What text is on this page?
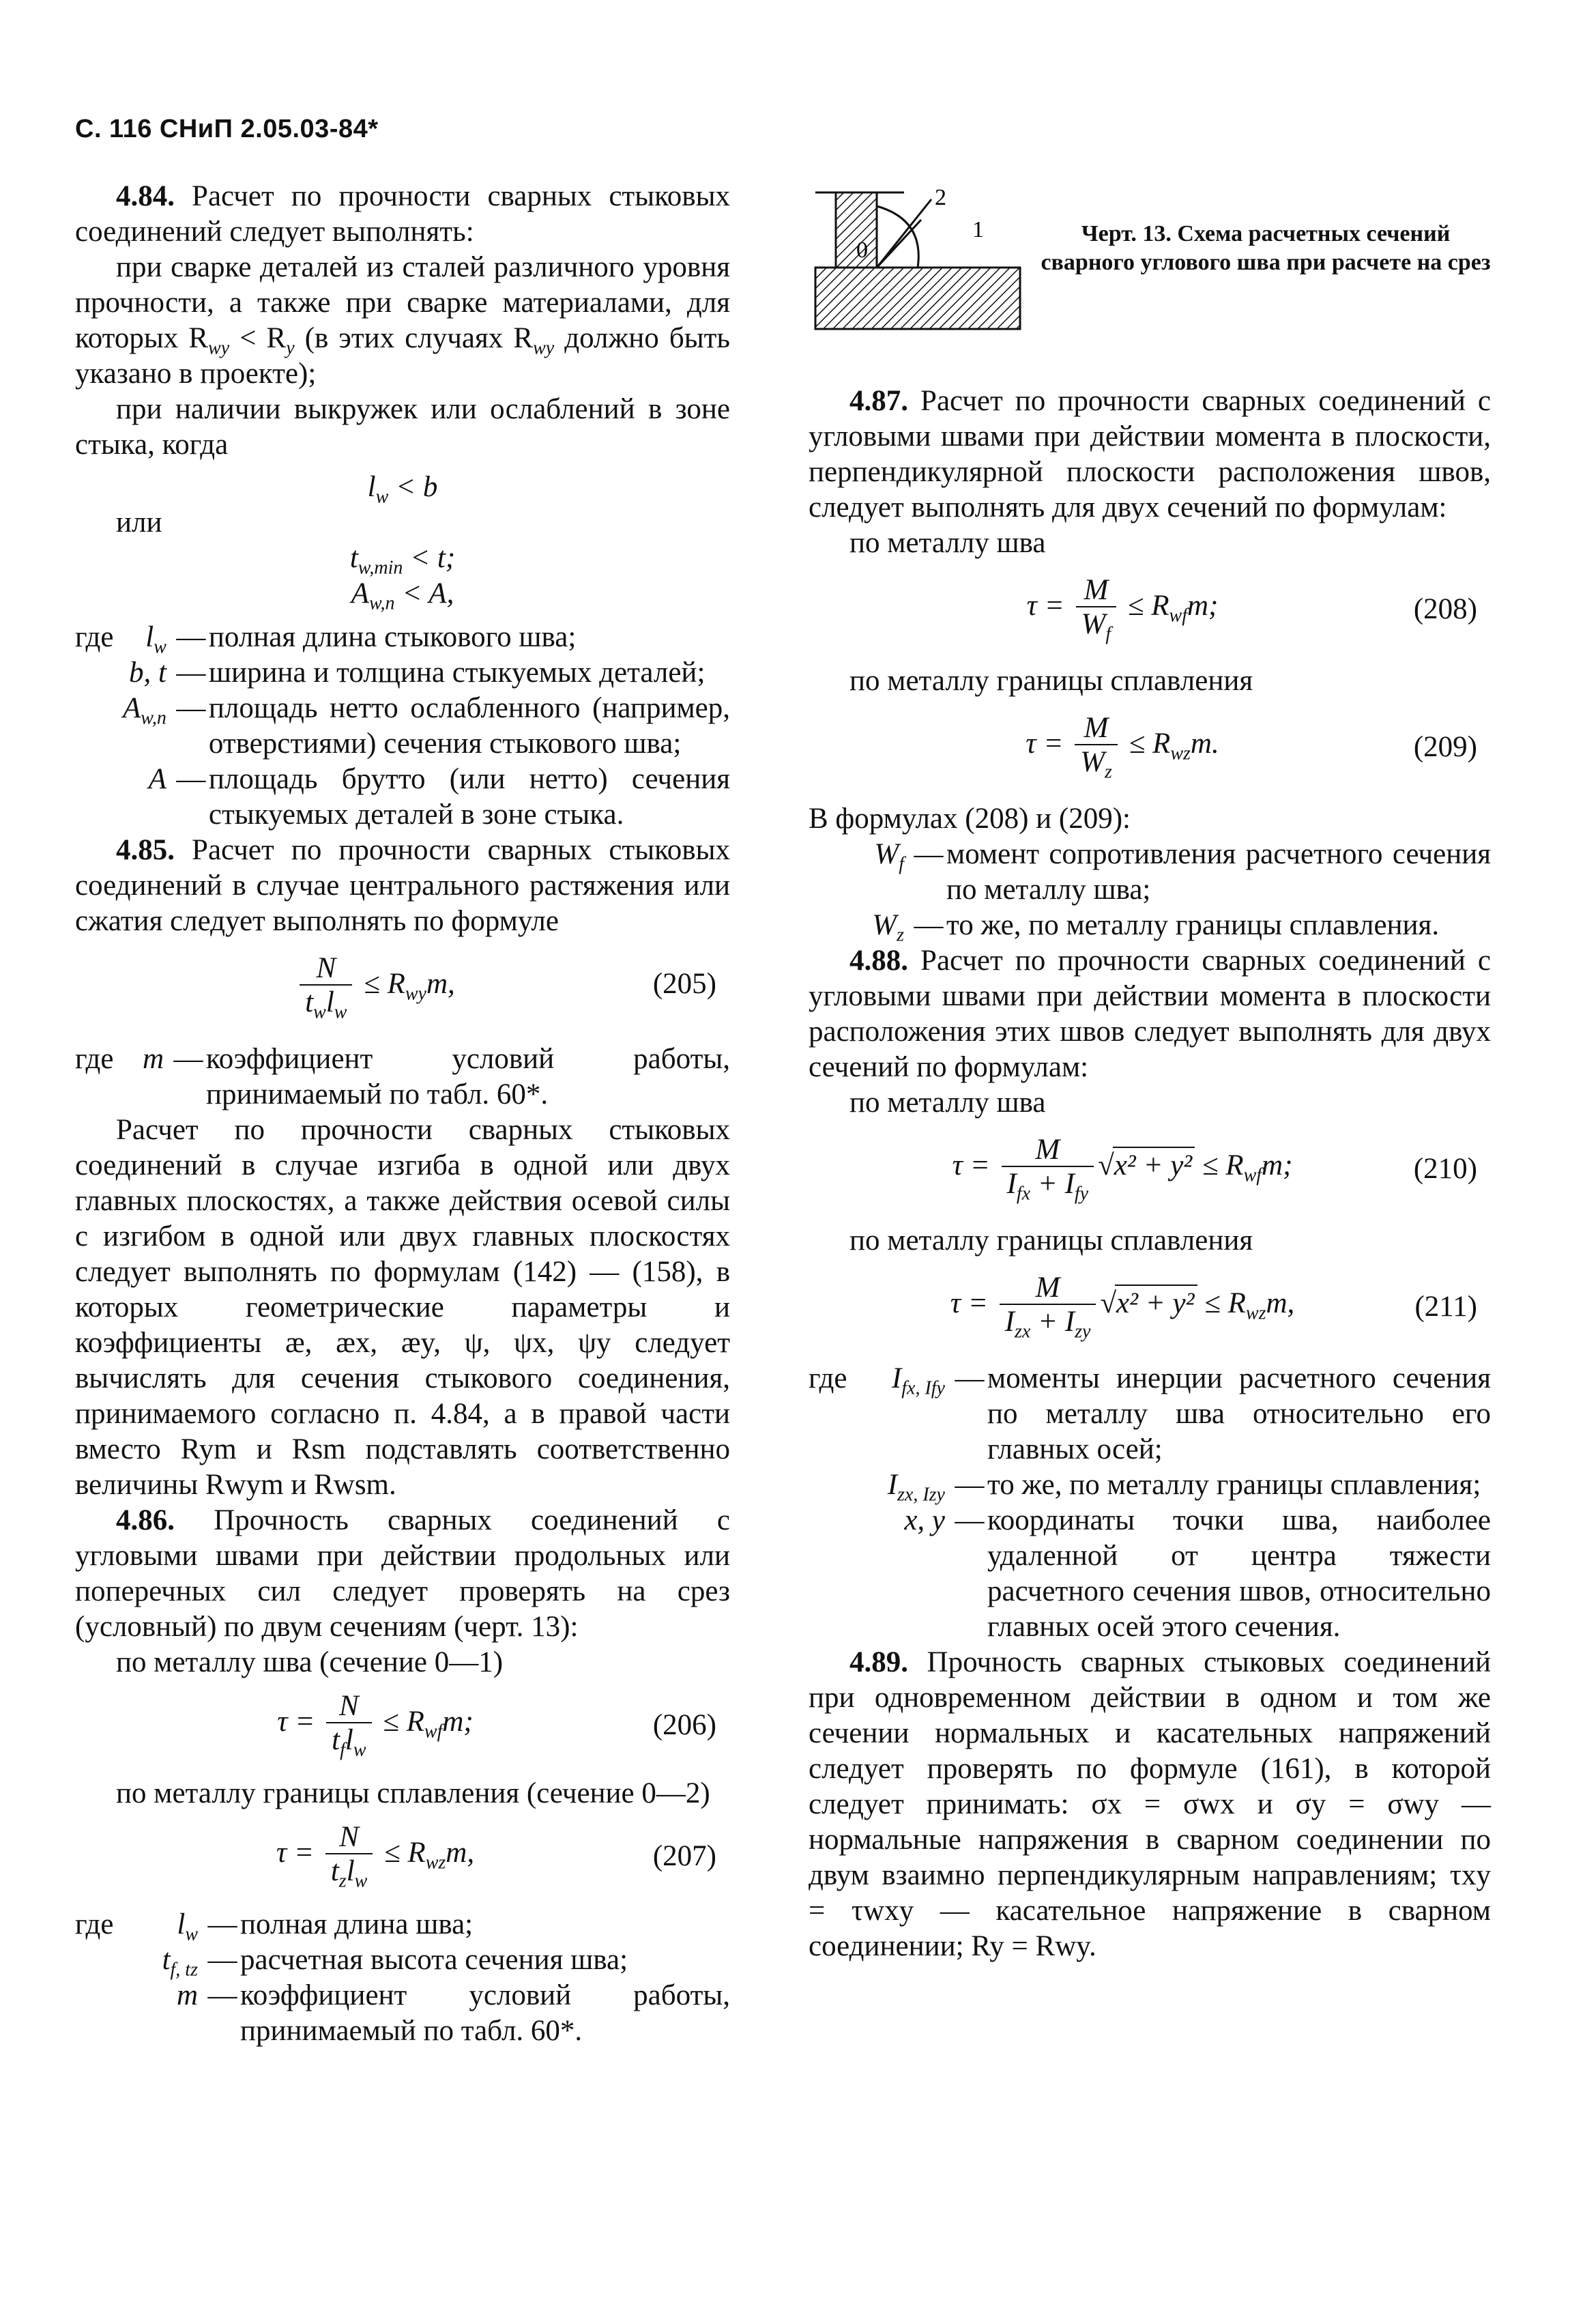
С. 116 СНиП 2.05.03-84*

4.84. Расчет по прочности сварных стыковых соединений следует выполнять:

при сварке деталей из сталей различного уровня прочности, а также при сварке материалами, для которых $R_{wy} < R_y$ (в этих случаях $R_{wy}$ должно быть указано в проекте);

при наличии выкружек или ослаблений в зоне стыка, когда

$l_w < b$
или
$t_{w,min} < t$;
$A_{w,n} < A$,
где	$l_w$	—	полная длина стыкового шва;
	b, t	—	ширина и толщина стыкуемых деталей;
	$A_{w,n}$	—	площадь нетто ослабленного (например, отверстиями) сечения стыкового шва;
	A	—	площадь брутто (или нетто) сечения стыкуемых деталей в зоне стыка.

4.85. Расчет по прочности сварных стыковых соединений в случае центрального растяжения или сжатия следует выполнять по формуле

$\frac{N}{t_wl_w} \le R_{wy}m$,	(205)
где	m	—	коэффициент условий работы, принимаемый по табл. 60*.

Расчет по прочности сварных стыковых соединений в случае изгиба в одной или двух главных плоскостях, а также действия осевой силы с изгибом в одной или двух главных плоскостях следует выполнять по формулам (142) — (158), в которых геометрические параметры и коэффициенты æ, æx, æy, ψ, ψx, ψy следует вычислять для сечения стыкового соединения, принимаемого согласно п. 4.84, а в правой части вместо Rym и Rsm подставлять соответственно величины Rwym и Rwsm.

4.86. Прочность сварных соединений с угловыми швами при действии продольных или поперечных сил следует проверять на срез (условный) по двум сечениям (черт. 13):

по металлу шва (сечение 0—1)

$\tau = \frac{N}{t_fl_w} \le R_{wf}m$;	(206)

по металлу границы сплавления (сечение 0—2)

$\tau = \frac{N}{t_zl_w} \le R_{wz}m$,	(207)
где	$l_w$	—	полная длина шва;
	$t_{f, tz}$	—	расчетная высота сечения шва;
	m	—	коэффициент условий работы, принимаемый по табл. 60*.
0
2
1	Черт. 13. Схема расчетных сечений сварного углового шва при расчете на срез

4.87. Расчет по прочности сварных соединений с угловыми швами при действии момента в плоскости, перпендикулярной плоскости расположения швов, следует выполнять для двух сечений по формулам:

по металлу шва

$\tau = \frac{M}{W_f} \le R_{wf}m$;	(208)

по металлу границы сплавления

$\tau = \frac{M}{W_z} \le R_{wz}m$.	(209)

В формулах (208) и (209):

$W_f$	—	момент сопротивления расчетного сечения по металлу шва;
$W_z$	—	то же, по металлу границы сплавления.

4.88. Расчет по прочности сварных соединений с угловыми швами при действии момента в плоскости расположения этих швов следует выполнять для двух сечений по формулам:

по металлу шва

$\tau = \frac{M}{I_{fx} + I_{fy}} √x^2 + y^2 \le R_{wf}m$;	(210)

по металлу границы сплавления

$\tau = \frac{M}{I_{zx} + I_{zy}} √x^2 + y^2 \le R_{wz}m$,	(211)
где	$I_{fx, Ify}$	—	моменты инерции расчетного сечения по металлу шва относительно его главных осей;
	$I_{zx, Izy}$	—	то же, по металлу границы сплавления;
	x, y	—	координаты точки шва, наиболее удаленной от центра тяжести расчетного сечения швов, относительно главных осей этого сечения.

4.89. Прочность сварных стыковых соединений при одновременном действии в одном и том же сечении нормальных и касательных напряжений следует проверять по формуле (161), в которой следует принимать: σx = σwx и σy = σwy — нормальные напряжения в сварном соединении по двум взаимно перпендикулярным направлениям; τxy = τwxy — касательное напряжение в сварном соединении; Ry = Rwy.
